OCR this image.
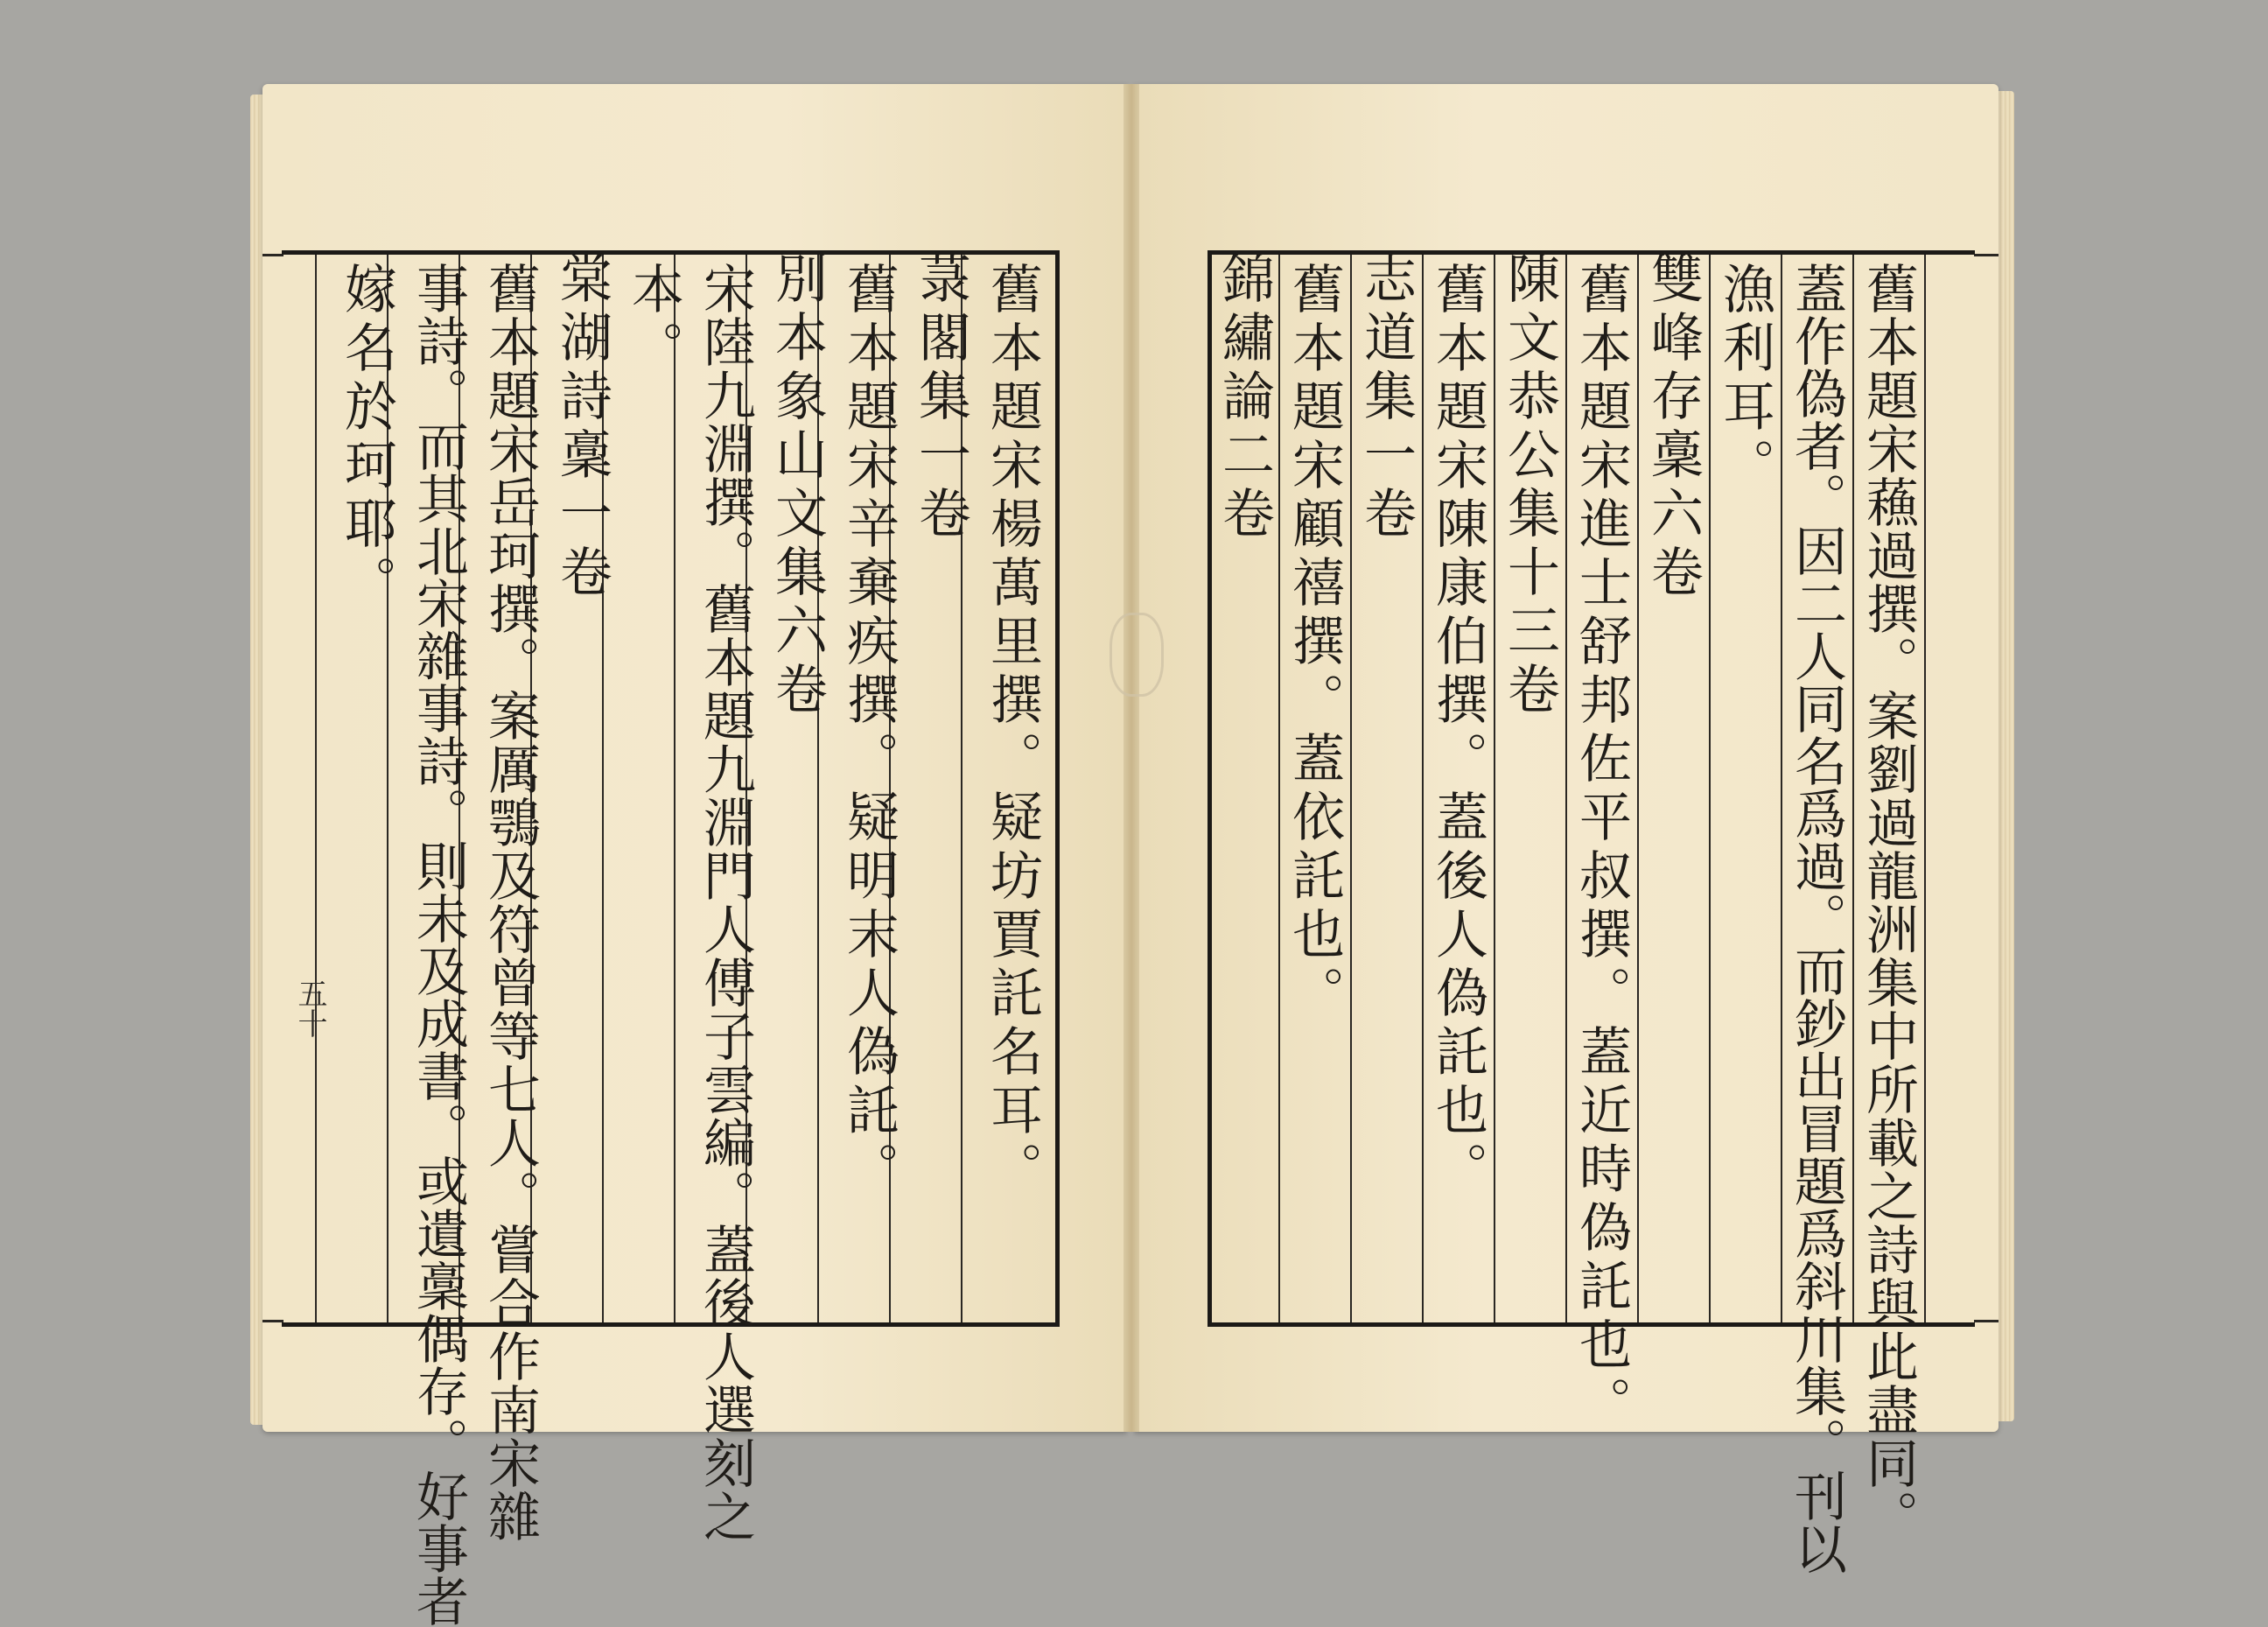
舊本題宋楊萬里撰。疑坊賈託名耳。
菉閣集一卷
舊本題宋辛棄疾撰。疑明末人偽託。
別本象山文集六卷
宋陸九淵撰。舊本題九淵門人傅子雲編。蓋後人選刻之
本。
棠湖詩稾一卷
舊本題宋岳珂撰。案厲鶚及符曾等七人。嘗合作南宋雜
事詩。而其北宋雜事詩。則未及成書。或遺稾偶存。好事者
嫁名於珂耶。
五十	舊本題宋蘓過撰。案劉過龍洲集中所載之詩與此盡同。
蓋作偽者。因二人同名爲過。而鈔出冒題爲斜川集。刊以
漁利耳。
雙峰存稾六卷
舊本題宋進士舒邦佐平叔撰。蓋近時偽託也。
陳文恭公集十三卷
舊本題宋陳康伯撰。蓋後人偽託也。
志道集一卷
舊本題宋顧禧撰。蓋依託也。
錦繡論二卷
